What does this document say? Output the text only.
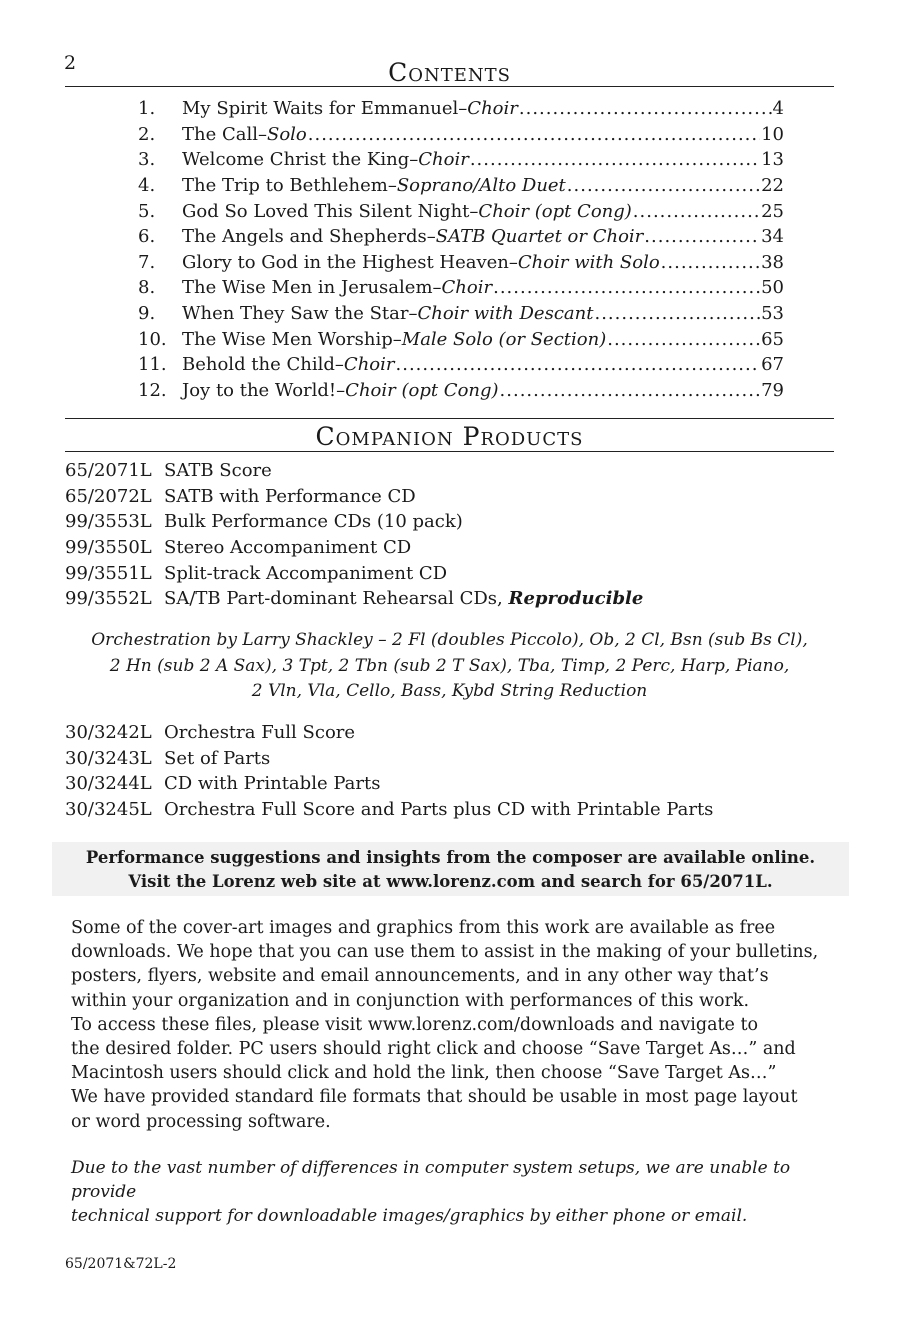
2	Contents
1.	My Spirit Waits for Emmanuel – Choir .....	4
2.	The Call – Solo .....	10
3.	Welcome Christ the King – Choir .....	13
4.	The Trip to Bethlehem – Soprano/Alto Duet .....	22
5.	God So Loved This Silent Night – Choir (opt Cong) .....	25
6.	The Angels and Shepherds – SATB Quartet or Choir .....	34
7.	Glory to God in the Highest Heaven – Choir with Solo .....	38
8.	The Wise Men in Jerusalem – Choir .....	50
9.	When They Saw the Star – Choir with Descant .....	53
10. The Wise Men Worship – Male Solo (or Section) .....	65
11. Behold the Child – Choir .....	67
12. Joy to the World! – Choir (opt Cong) .....	79
Companion Products
65/2071L SATB Score
65/2072L SATB with Performance CD
99/3553L Bulk Performance CDs (10 pack)
99/3550L Stereo Accompaniment CD
99/3551L Split-track Accompaniment CD
99/3552L SA/TB Part-dominant Rehearsal CDs, Reproducible
Orchestration by Larry Shackley – 2 Fl (doubles Piccolo), Ob, 2 Cl, Bsn (sub Bs Cl),
2 Hn (sub 2 A Sax), 3 Tpt, 2 Tbn (sub 2 T Sax), Tba, Timp, 2 Perc, Harp, Piano,
2 Vln, Vla, Cello, Bass, Kybd String Reduction
30/3242L Orchestra Full Score
30/3243L Set of Parts
30/3244L CD with Printable Parts
30/3245L Orchestra Full Score and Parts plus CD with Printable Parts
Performance suggestions and insights from the composer are available online.
Visit the Lorenz web site at www.lorenz.com and search for 65/2071L.

Some of the cover-art images and graphics from this work are available as free

downloads. We hope that you can use them to assist in the making of your bulletins,

posters, flyers, website and email announcements, and in any other way that’s

within your organization and in conjunction with performances of this work.

To access these files, please visit www.lorenz.com/downloads and navigate to

the desired folder. PC users should right click and choose “Save Target As…” and

Macintosh users should click and hold the link, then choose “Save Target As…”

We have provided standard file formats that should be usable in most page layout

or word processing software.

Due to the vast number of differences in computer system setups, we are unable to provide
technical support for downloadable images/graphics by either phone or email.
65/2071&72L-2
